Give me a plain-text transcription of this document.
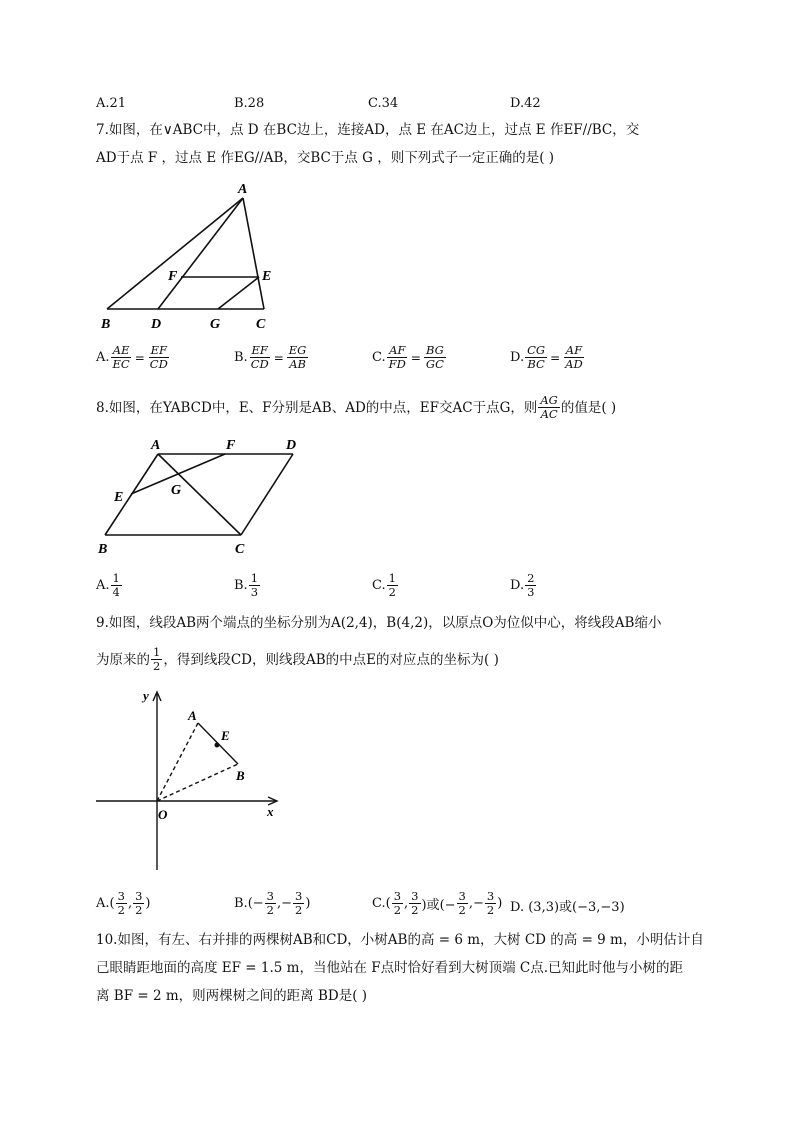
A.21	B.28	C.34	D.42
7.如图，在∨ABC中，点 D 在BC边上，连接AD，点 E 在AC边上，过点 E 作EF//BC，交
AD于点 F ，过点 E 作EG//AB，交BC于点 G ，则下列式子一定正确的是( )
A
B	D	G	C
F	E
A. $\frac{AE}{EC} = \frac{EF}{CD}$	B. $\frac{EF}{CD} = \frac{EG}{AB}$	C. $\frac{AF}{FD} = \frac{BG}{GC}$	D. $\frac{CG}{BC} = \frac{AF}{AD}$
8.如图，在YABCD中，E、F分别是AB、AD的中点，EF交AC于点G，则 $\frac{AG}{AC}$ 的值是( )
A	F	D
E	G
B	C
A. $\frac{1}{4}$	B. $\frac{1}{3}$	C. $\frac{1}{2}$	D. $\frac{2}{3}$
9.如图，线段AB两个端点的坐标分别为A(2,4)，B(4,2)，以原点O为位似中心，将线段AB缩小
为原来的 $\frac{1}{2}$ ，得到线段CD，则线段AB的中点E的对应点的坐标为( )
y
x
O
A
E
B
A. ( $\frac{3}{2}$ , $\frac{3}{2}$ )	B. (− $\frac{3}{2}$ ,− $\frac{3}{2}$ )	C. ( $\frac{3}{2}$ , $\frac{3}{2}$ )或(− $\frac{3}{2}$ ,− $\frac{3}{2}$ ) D. (3,3)或(−3,−3)
10.如图，有左、右并排的两棵树AB和CD，小树AB的高 = 6 m，大树 CD 的高 = 9 m，小明估计自
己眼睛距地面的高度 EF = 1.5 m，当他站在 F点时恰好看到大树顶端 C点.已知此时他与小树的距
离 BF = 2 m，则两棵树之间的距离 BD是( )
